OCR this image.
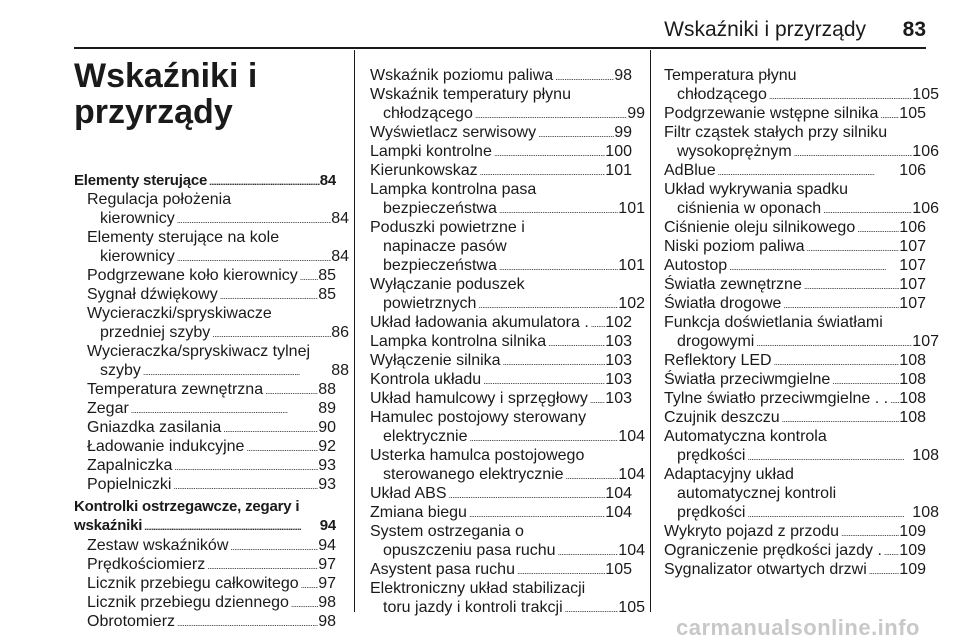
Wskaźniki i przyrządy 83
Wskaźniki i
przyrządy
Elementy sterujące . . .	84
Regulacja położenia
kierownicy . . .	84
Elementy sterujące na kole
kierownicy . . .	84
Podgrzewane koło kierownicy . . . 85
Sygnał dźwiękowy . . .	85
Wycieraczki/spryskiwacze
przedniej szyby . . .	86
Wycieraczka/spryskiwacz tylnej
szyby . . .	88
Temperatura zewnętrzna . . .	88
Zegar . . .	89
Gniazdka zasilania . . .	90
Ładowanie indukcyjne . . .	92
Zapalniczka . . .	93
Popielniczki . . .	93
Kontrolki ostrzegawcze, zegary i
wskaźniki . . .	94
Zestaw wskaźników . . .	94
Prędkościomierz . . .	97
Licznik przebiegu całkowitego . . . 97
Licznik przebiegu dziennego . . . 98
Obrotomierz . . .	98
Wskaźnik poziomu paliwa . . .	98
Wskaźnik temperatury płynu
chłodzącego . . .	99
Wyświetlacz serwisowy . . .	99
Lampki kontrolne . . .	100
Kierunkowskaz . . .	101
Lampka kontrolna pasa
bezpieczeństwa . . .	101
Poduszki powietrzne i
napinacze pasów
bezpieczeństwa . . .	101
Wyłączanie poduszek
powietrznych . . .	102
Układ ładowania akumulatora . . . . 102
Lampka kontrolna silnika . . .	103
Wyłączenie silnika . . .	103
Kontrola układu . . .	103
Układ hamulcowy i sprzęgłowy . . . 103
Hamulec postojowy sterowany
elektrycznie . . .	104
Usterka hamulca postojowego
sterowanego elektrycznie . . .	104
Układ ABS . . .	104
Zmiana biegu . . .	104
System ostrzegania o
opuszczeniu pasa ruchu . . .	104
Asystent pasa ruchu . . .	105
Elektroniczny układ stabilizacji
toru jazdy i kontroli trakcji . . .	105
Temperatura płynu
chłodzącego . . .	105
Podgrzewanie wstępne silnika . . . 105
Filtr cząstek stałych przy silniku
wysokoprężnym . . .	106
AdBlue . . .	106
Układ wykrywania spadku
ciśnienia w oponach . . .	106
Ciśnienie oleju silnikowego . . .	106
Niski poziom paliwa . . .	107
Autostop . . .	107
Światła zewnętrzne . . .	107
Światła drogowe . . .	107
Funkcja doświetlania światłami
drogowymi . . .	107
Reflektory LED . . .	108
Światła przeciwmgielne . . .	108
Tylne światło przeciwmgielne . . . . . 108
Czujnik deszczu . . .	108
Automatyczna kontrola
prędkości . . .	108
Adaptacyjny układ
automatycznej kontroli
prędkości . . .	108
Wykryto pojazd z przodu . . .	109
Ograniczenie prędkości jazdy . . . . 109
Sygnalizator otwartych drzwi . . . 109
carmanualsonline.info
